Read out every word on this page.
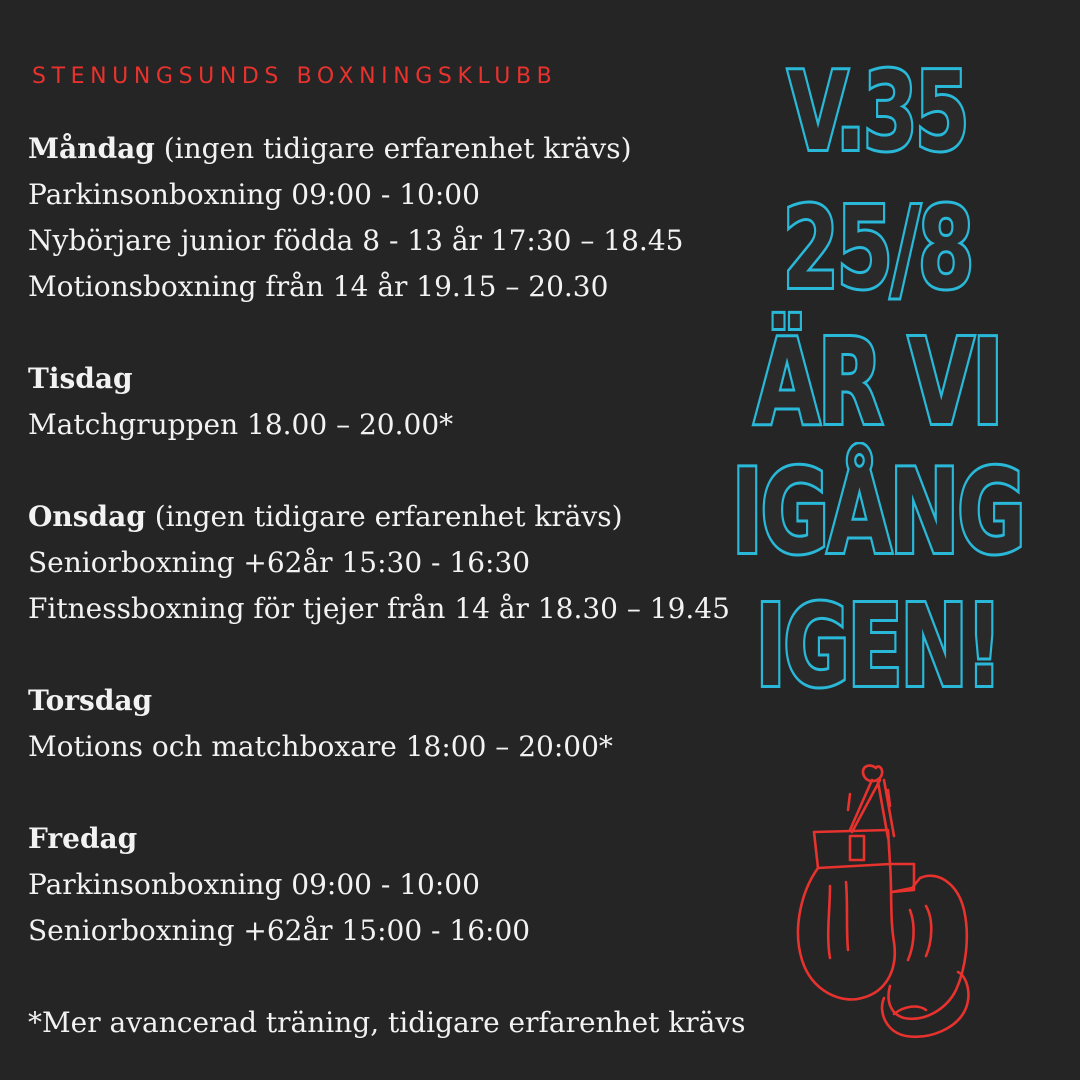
STENUNGSUNDS BOXNINGSKLUBB
Måndag (ingen tidigare erfarenhet krävs)
Parkinsonboxning 09:00 - 10:00
Nybörjare junior födda 8 - 13 år 17:30 – 18.45
Motionsboxning från 14 år 19.15 – 20.30
Tisdag
Matchgruppen 18.00 – 20.00*
Onsdag (ingen tidigare erfarenhet krävs)
Seniorboxning +62år 15:30 - 16:30
Fitnessboxning för tjejer från 14 år 18.30 – 19.45
Torsdag
Motions och matchboxare 18:00 – 20:00*
Fredag
Parkinsonboxning 09:00 - 10:00
Seniorboxning +62år 15:00 - 16:00
*Mer avancerad träning, tidigare erfarenhet krävs
V.35
25/8
ÄR VI
IGÅNG
IGEN!
